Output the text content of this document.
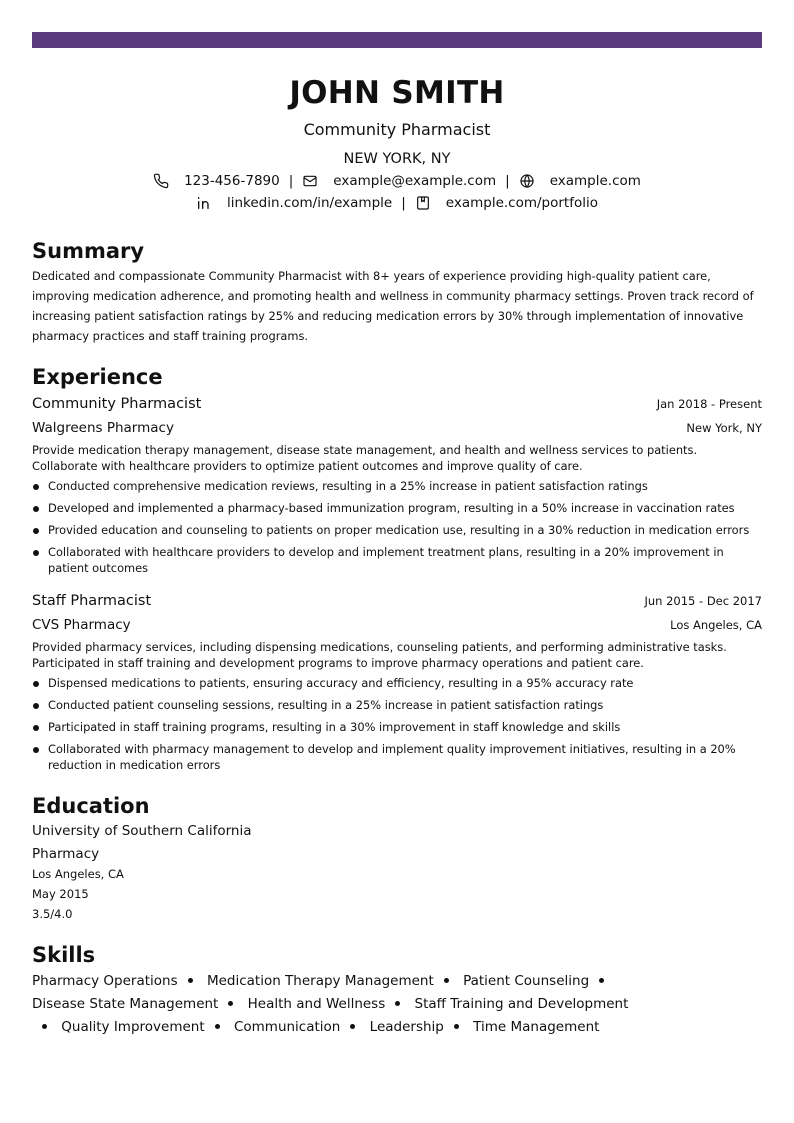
JOHN SMITH
Community Pharmacist
NEW YORK, NY
123-456-7890 |	example@example.com |	example.com
linkedin.com/in/example |	example.com/portfolio
Summary

Dedicated and compassionate Community Pharmacist with 8+ years of experience providing high-quality patient care, improving medication adherence, and promoting health and wellness in community pharmacy settings. Proven track record of increasing patient satisfaction ratings by 25% and reducing medication errors by 30% through implementation of innovative pharmacy practices and staff training programs.

Experience
Community Pharmacist	Jan 2018 - Present
Walgreens Pharmacy	New York, NY
Provide medication therapy management, disease state management, and health and wellness services to patients. Collaborate with healthcare providers to optimize patient outcomes and improve quality of care.
Conducted comprehensive medication reviews, resulting in a 25% increase in patient satisfaction ratings
Developed and implemented a pharmacy-based immunization program, resulting in a 50% increase in vaccination rates
Provided education and counseling to patients on proper medication use, resulting in a 30% reduction in medication errors
Collaborated with healthcare providers to develop and implement treatment plans, resulting in a 20% improvement in patient outcomes
Staff Pharmacist	Jun 2015 - Dec 2017
CVS Pharmacy	Los Angeles, CA
Provided pharmacy services, including dispensing medications, counseling patients, and performing administrative tasks. Participated in staff training and development programs to improve pharmacy operations and patient care.
Dispensed medications to patients, ensuring accuracy and efficiency, resulting in a 95% accuracy rate
Conducted patient counseling sessions, resulting in a 25% increase in patient satisfaction ratings
Participated in staff training programs, resulting in a 30% improvement in staff knowledge and skills
Collaborated with pharmacy management to develop and implement quality improvement initiatives, resulting in a 20% reduction in medication errors
Education
University of Southern California
Pharmacy
Los Angeles, CA
May 2015
3.5/4.0
Skills
Pharmacy Operations Medication Therapy Management Patient Counseling Disease State Management Health and Wellness Staff Training and Development Quality Improvement Communication Leadership Time Management
